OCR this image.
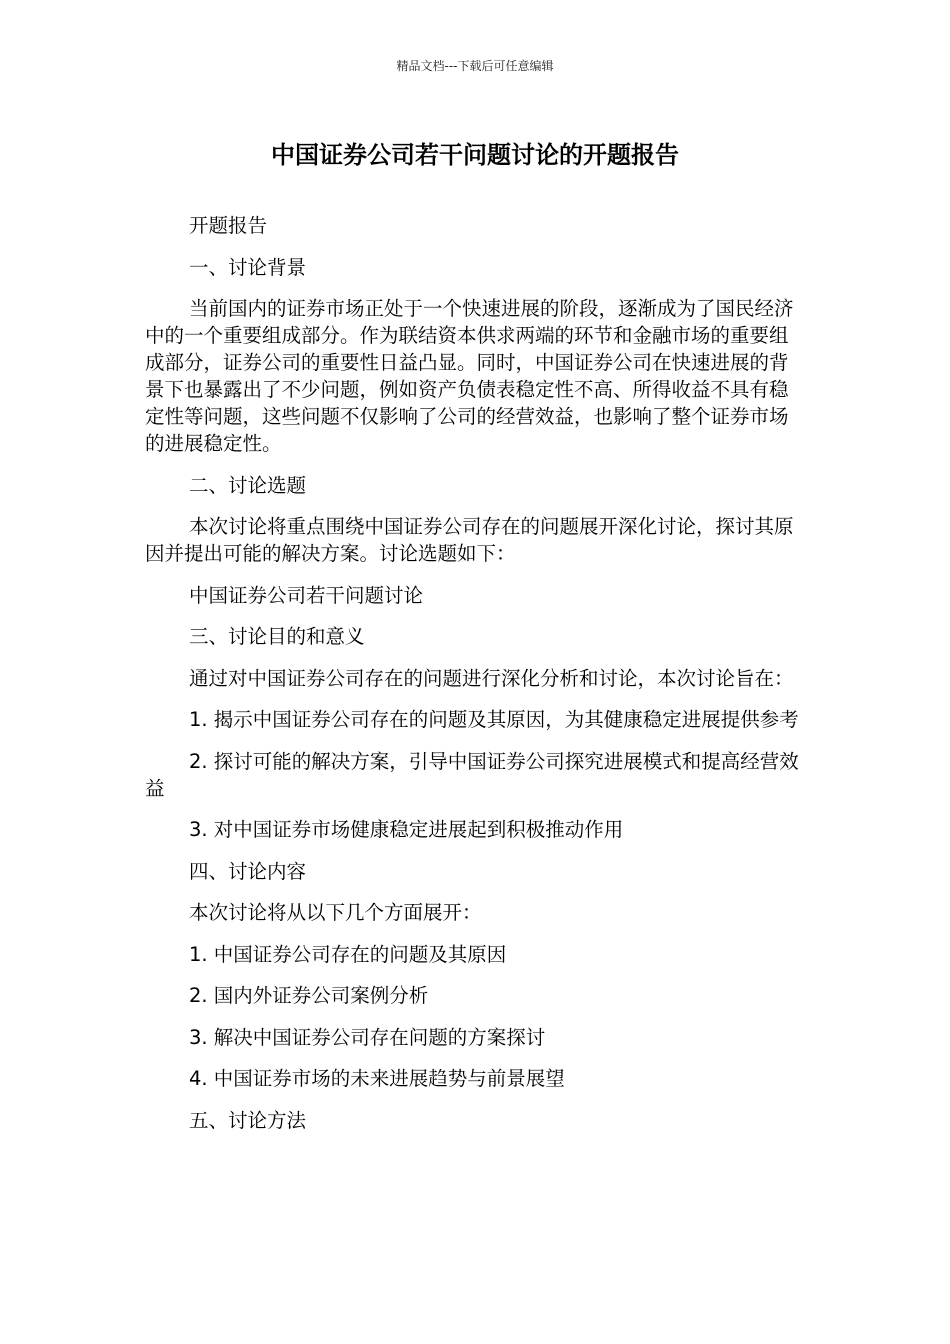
精品文档---下载后可任意编辑
中国证券公司若干问题讨论的开题报告

开题报告

一、讨论背景

当前国内的证券市场正处于一个快速进展的阶段，逐渐成为了国民经济中的一个重要组成部分。作为联结资本供求两端的环节和金融市场的重要组成部分，证券公司的重要性日益凸显。同时，中国证券公司在快速进展的背景下也暴露出了不少问题，例如资产负债表稳定性不高、所得收益不具有稳定性等问题，这些问题不仅影响了公司的经营效益，也影响了整个证券市场的进展稳定性。

二、讨论选题

本次讨论将重点围绕中国证券公司存在的问题展开深化讨论，探讨其原因并提出可能的解决方案。讨论选题如下：

中国证券公司若干问题讨论

三、讨论目的和意义

通过对中国证券公司存在的问题进行深化分析和讨论，本次讨论旨在：

1. 揭示中国证券公司存在的问题及其原因，为其健康稳定进展提供参考

2. 探讨可能的解决方案，引导中国证券公司探究进展模式和提高经营效益

3. 对中国证券市场健康稳定进展起到积极推动作用

四、讨论内容

本次讨论将从以下几个方面展开：

1. 中国证券公司存在的问题及其原因

2. 国内外证券公司案例分析

3. 解决中国证券公司存在问题的方案探讨

4. 中国证券市场的未来进展趋势与前景展望

五、讨论方法
